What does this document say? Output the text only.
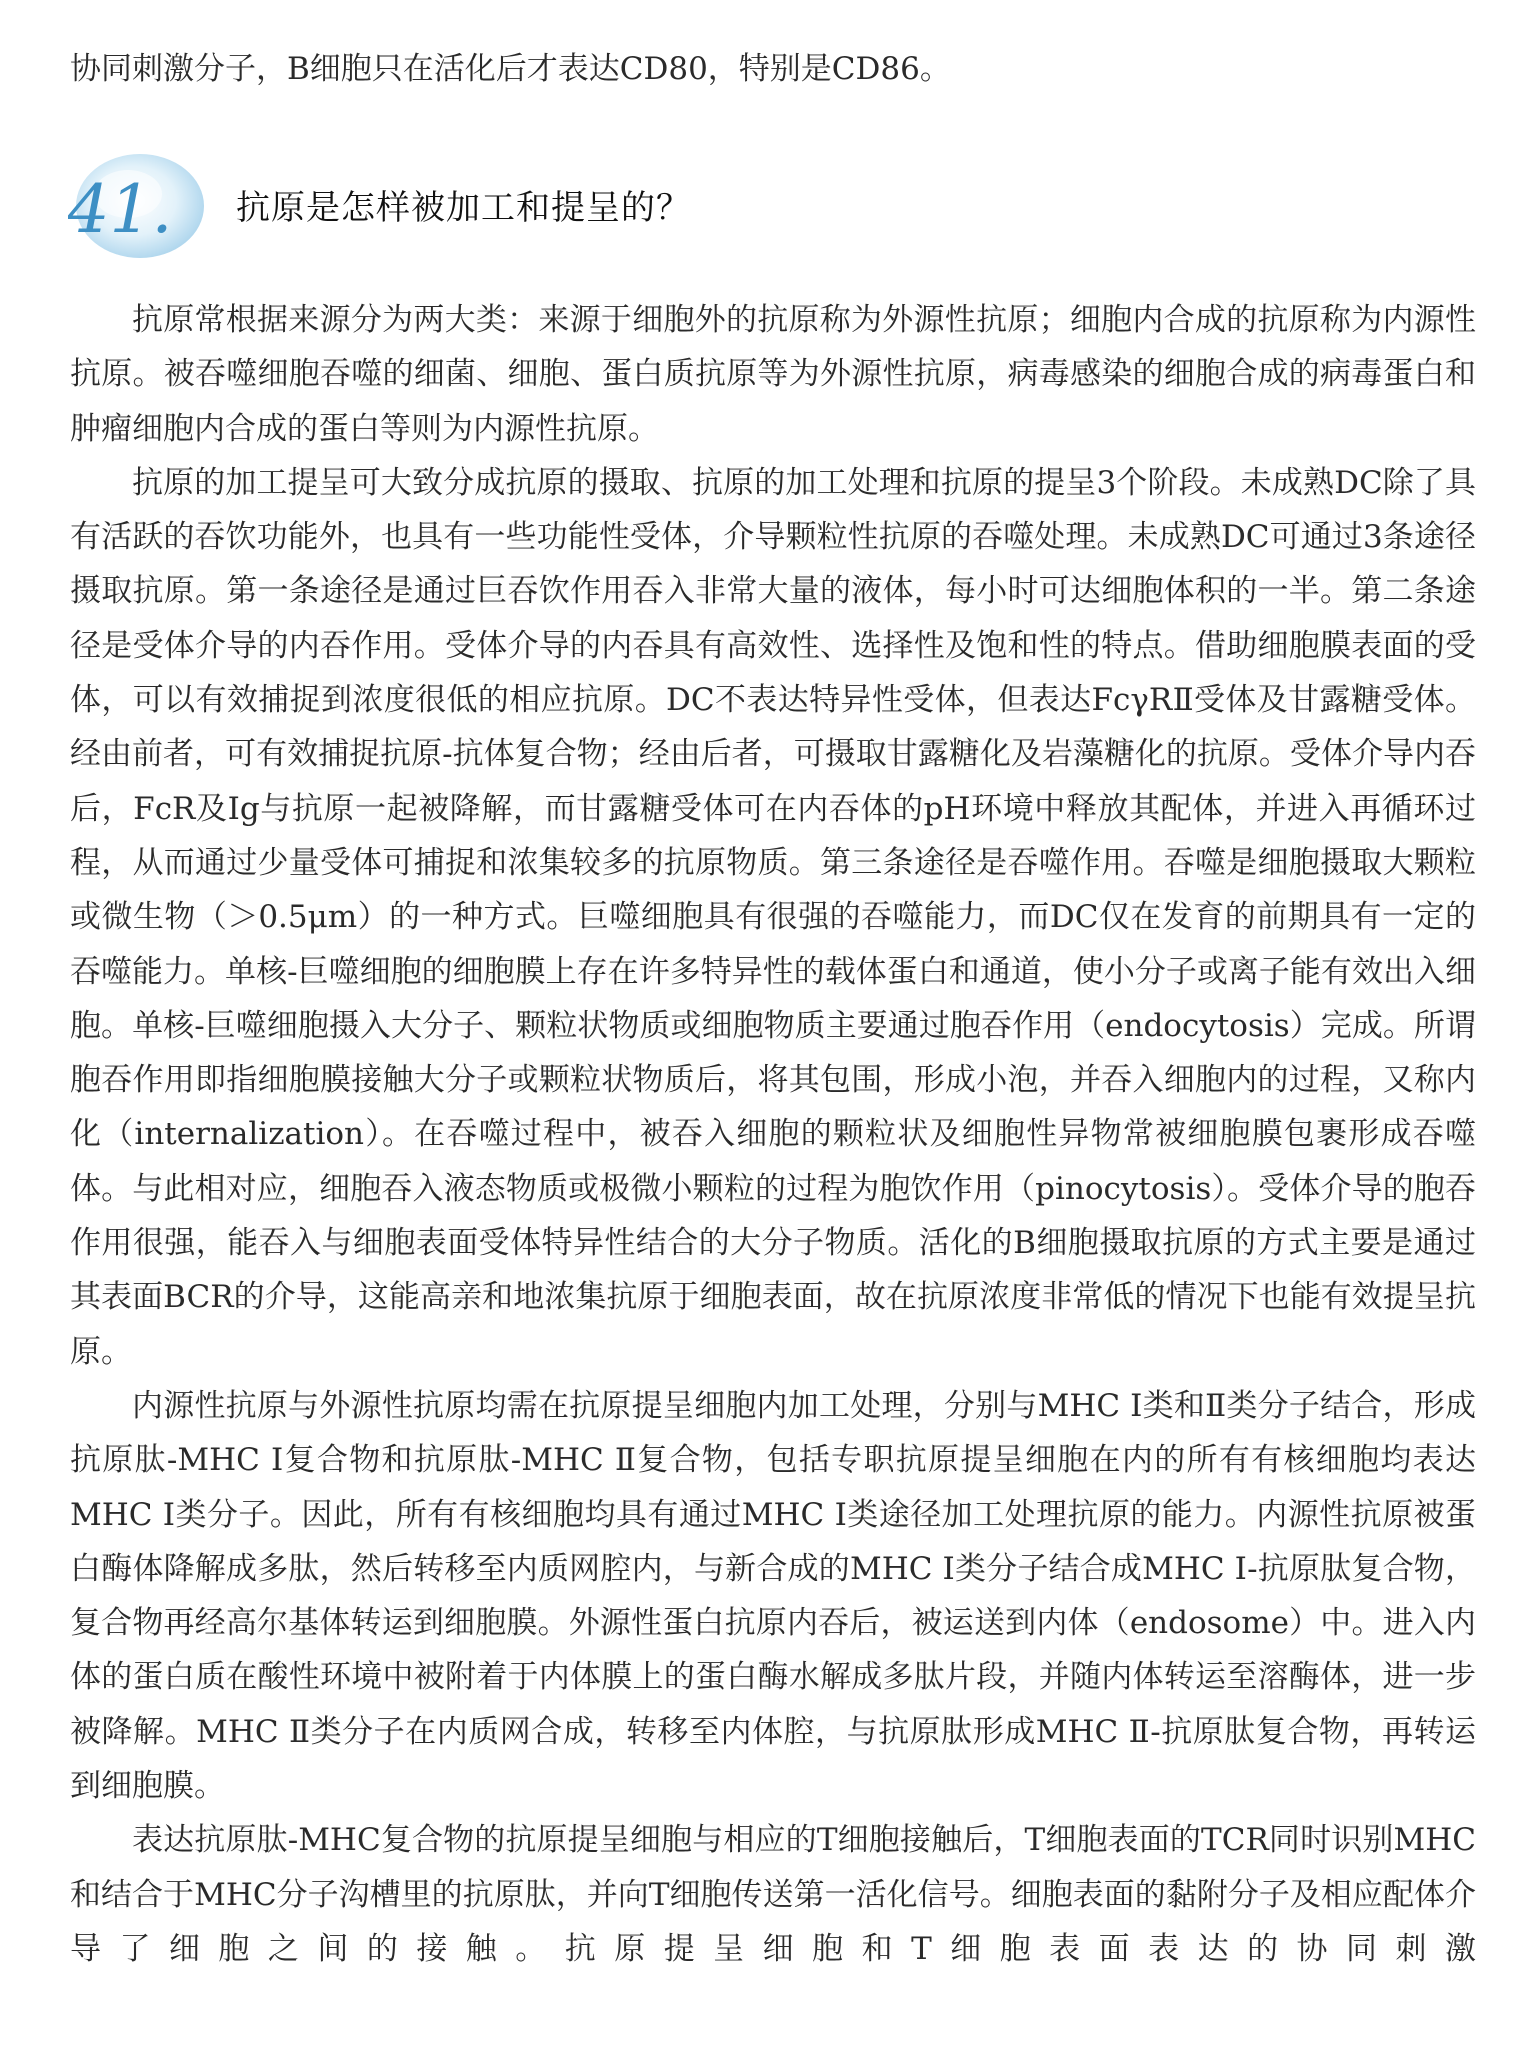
协同刺激分子，B细胞只在活化后才表达CD80，特别是CD86。

41. 抗原是怎样被加工和提呈的？

抗原常根据来源分为两大类：来源于细胞外的抗原称为外源性抗原；细胞内合成的抗原称为内源性抗原。被吞噬细胞吞噬的细菌、细胞、蛋白质抗原等为外源性抗原，病毒感染的细胞合成的病毒蛋白和肿瘤细胞内合成的蛋白等则为内源性抗原。

抗原的加工提呈可大致分成抗原的摄取、抗原的加工处理和抗原的提呈3个阶段。未成熟DC除了具有活跃的吞饮功能外，也具有一些功能性受体，介导颗粒性抗原的吞噬处理。未成熟DC可通过3条途径摄取抗原。第一条途径是通过巨吞饮作用吞入非常大量的液体，每小时可达细胞体积的一半。第二条途径是受体介导的内吞作用。受体介导的内吞具有高效性、选择性及饱和性的特点。借助细胞膜表面的受体，可以有效捕捉到浓度很低的相应抗原。DC不表达特异性受体，但表达FcγRⅡ受体及甘露糖受体。经由前者，可有效捕捉抗原-抗体复合物；经由后者，可摄取甘露糖化及岩藻糖化的抗原。受体介导内吞后，FcR及Ig与抗原一起被降解，而甘露糖受体可在内吞体的pH环境中释放其配体，并进入再循环过程，从而通过少量受体可捕捉和浓集较多的抗原物质。第三条途径是吞噬作用。吞噬是细胞摄取大颗粒或微生物（＞0.5μm）的一种方式。巨噬细胞具有很强的吞噬能力，而DC仅在发育的前期具有一定的吞噬能力。单核-巨噬细胞的细胞膜上存在许多特异性的载体蛋白和通道，使小分子或离子能有效出入细胞。单核-巨噬细胞摄入大分子、颗粒状物质或细胞物质主要通过胞吞作用（endocytosis）完成。所谓胞吞作用即指细胞膜接触大分子或颗粒状物质后，将其包围，形成小泡，并吞入细胞内的过程，又称内化（internalization）。在吞噬过程中，被吞入细胞的颗粒状及细胞性异物常被细胞膜包裹形成吞噬体。与此相对应，细胞吞入液态物质或极微小颗粒的过程为胞饮作用（pinocytosis）。受体介导的胞吞作用很强，能吞入与细胞表面受体特异性结合的大分子物质。活化的B细胞摄取抗原的方式主要是通过其表面BCR的介导，这能高亲和地浓集抗原于细胞表面，故在抗原浓度非常低的情况下也能有效提呈抗原。

内源性抗原与外源性抗原均需在抗原提呈细胞内加工处理，分别与MHC Ⅰ类和Ⅱ类分子结合，形成抗原肽-MHC Ⅰ复合物和抗原肽-MHC Ⅱ复合物，包括专职抗原提呈细胞在内的所有有核细胞均表达MHC Ⅰ类分子。因此，所有有核细胞均具有通过MHC Ⅰ类途径加工处理抗原的能力。内源性抗原被蛋白酶体降解成多肽，然后转移至内质网腔内，与新合成的MHC Ⅰ类分子结合成MHC Ⅰ-抗原肽复合物，复合物再经高尔基体转运到细胞膜。外源性蛋白抗原内吞后，被运送到内体（endosome）中。进入内体的蛋白质在酸性环境中被附着于内体膜上的蛋白酶水解成多肽片段，并随内体转运至溶酶体，进一步被降解。MHC Ⅱ类分子在内质网合成，转移至内体腔，与抗原肽形成MHC Ⅱ-抗原肽复合物，再转运到细胞膜。

表达抗原肽-MHC复合物的抗原提呈细胞与相应的T细胞接触后，T细胞表面的TCR同时识别MHC和结合于MHC分子沟槽里的抗原肽，并向T细胞传送第一活化信号。细胞表面的黏附分子及相应配体介导了细胞之间的接触。抗原提呈细胞和T细胞表面表达的协同刺激
